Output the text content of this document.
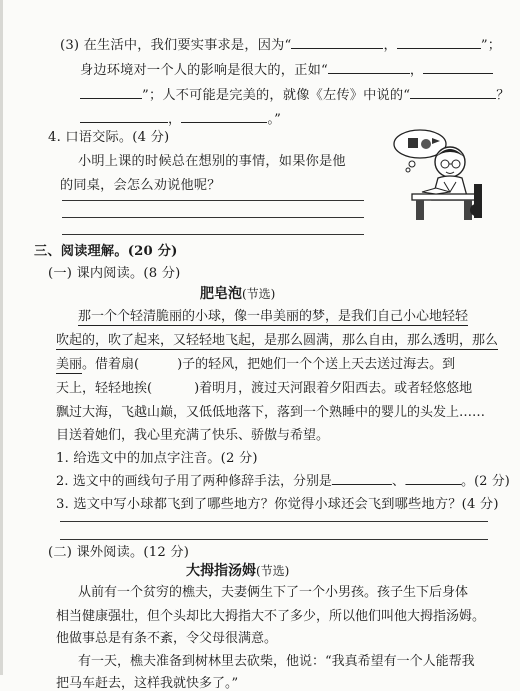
(3) 在生活中，我们要实事求是，因为“	，	”；
身边环境对一个人的影响是很大的，正如“	，
”；人不可能是完美的，就像《左传》中说的“	？
，	。”
4. 口语交际。(4 分)
小明上课的时候总在想别的事情，如果你是他
的同桌，会怎么劝说他呢？
三、阅读理解。(20 分)
(一) 课内阅读。(8 分)
肥皂泡(节选)
那一个个轻清脆丽的小球，像一串美丽的梦，是我们自己小心地轻轻
吹起的，吹了起来，又轻轻地飞起，是那么圆满，那么自由，那么透明，那么
美丽。借着扇(	)子的轻风，把她们一个个送上天去送过海去。到
天上，轻轻地挨(	)着明月，渡过天河跟着夕阳西去。或者轻悠悠地
飘过大海，飞越山巅，又低低地落下，落到一个熟睡中的婴儿的头发上……
目送着她们，我心里充满了快乐、骄傲与希望。
1. 给选文中的加点字注音。(2 分)
2. 选文中的画线句子用了两种修辞手法，分别是	、	。(2 分)
3. 选文中写小球都飞到了哪些地方？你觉得小球还会飞到哪些地方？(4 分)
(二) 课外阅读。(12 分)
大拇指汤姆(节选)
从前有一个贫穷的樵夫，夫妻俩生下了一个小男孩。孩子生下后身体
相当健康强壮，但个头却比大拇指大不了多少，所以他们叫他大拇指汤姆。
他做事总是有条不紊，令父母很满意。
有一天，樵夫准备到树林里去砍柴，他说：“我真希望有一个人能帮我
把马车赶去，这样我就快多了。”
